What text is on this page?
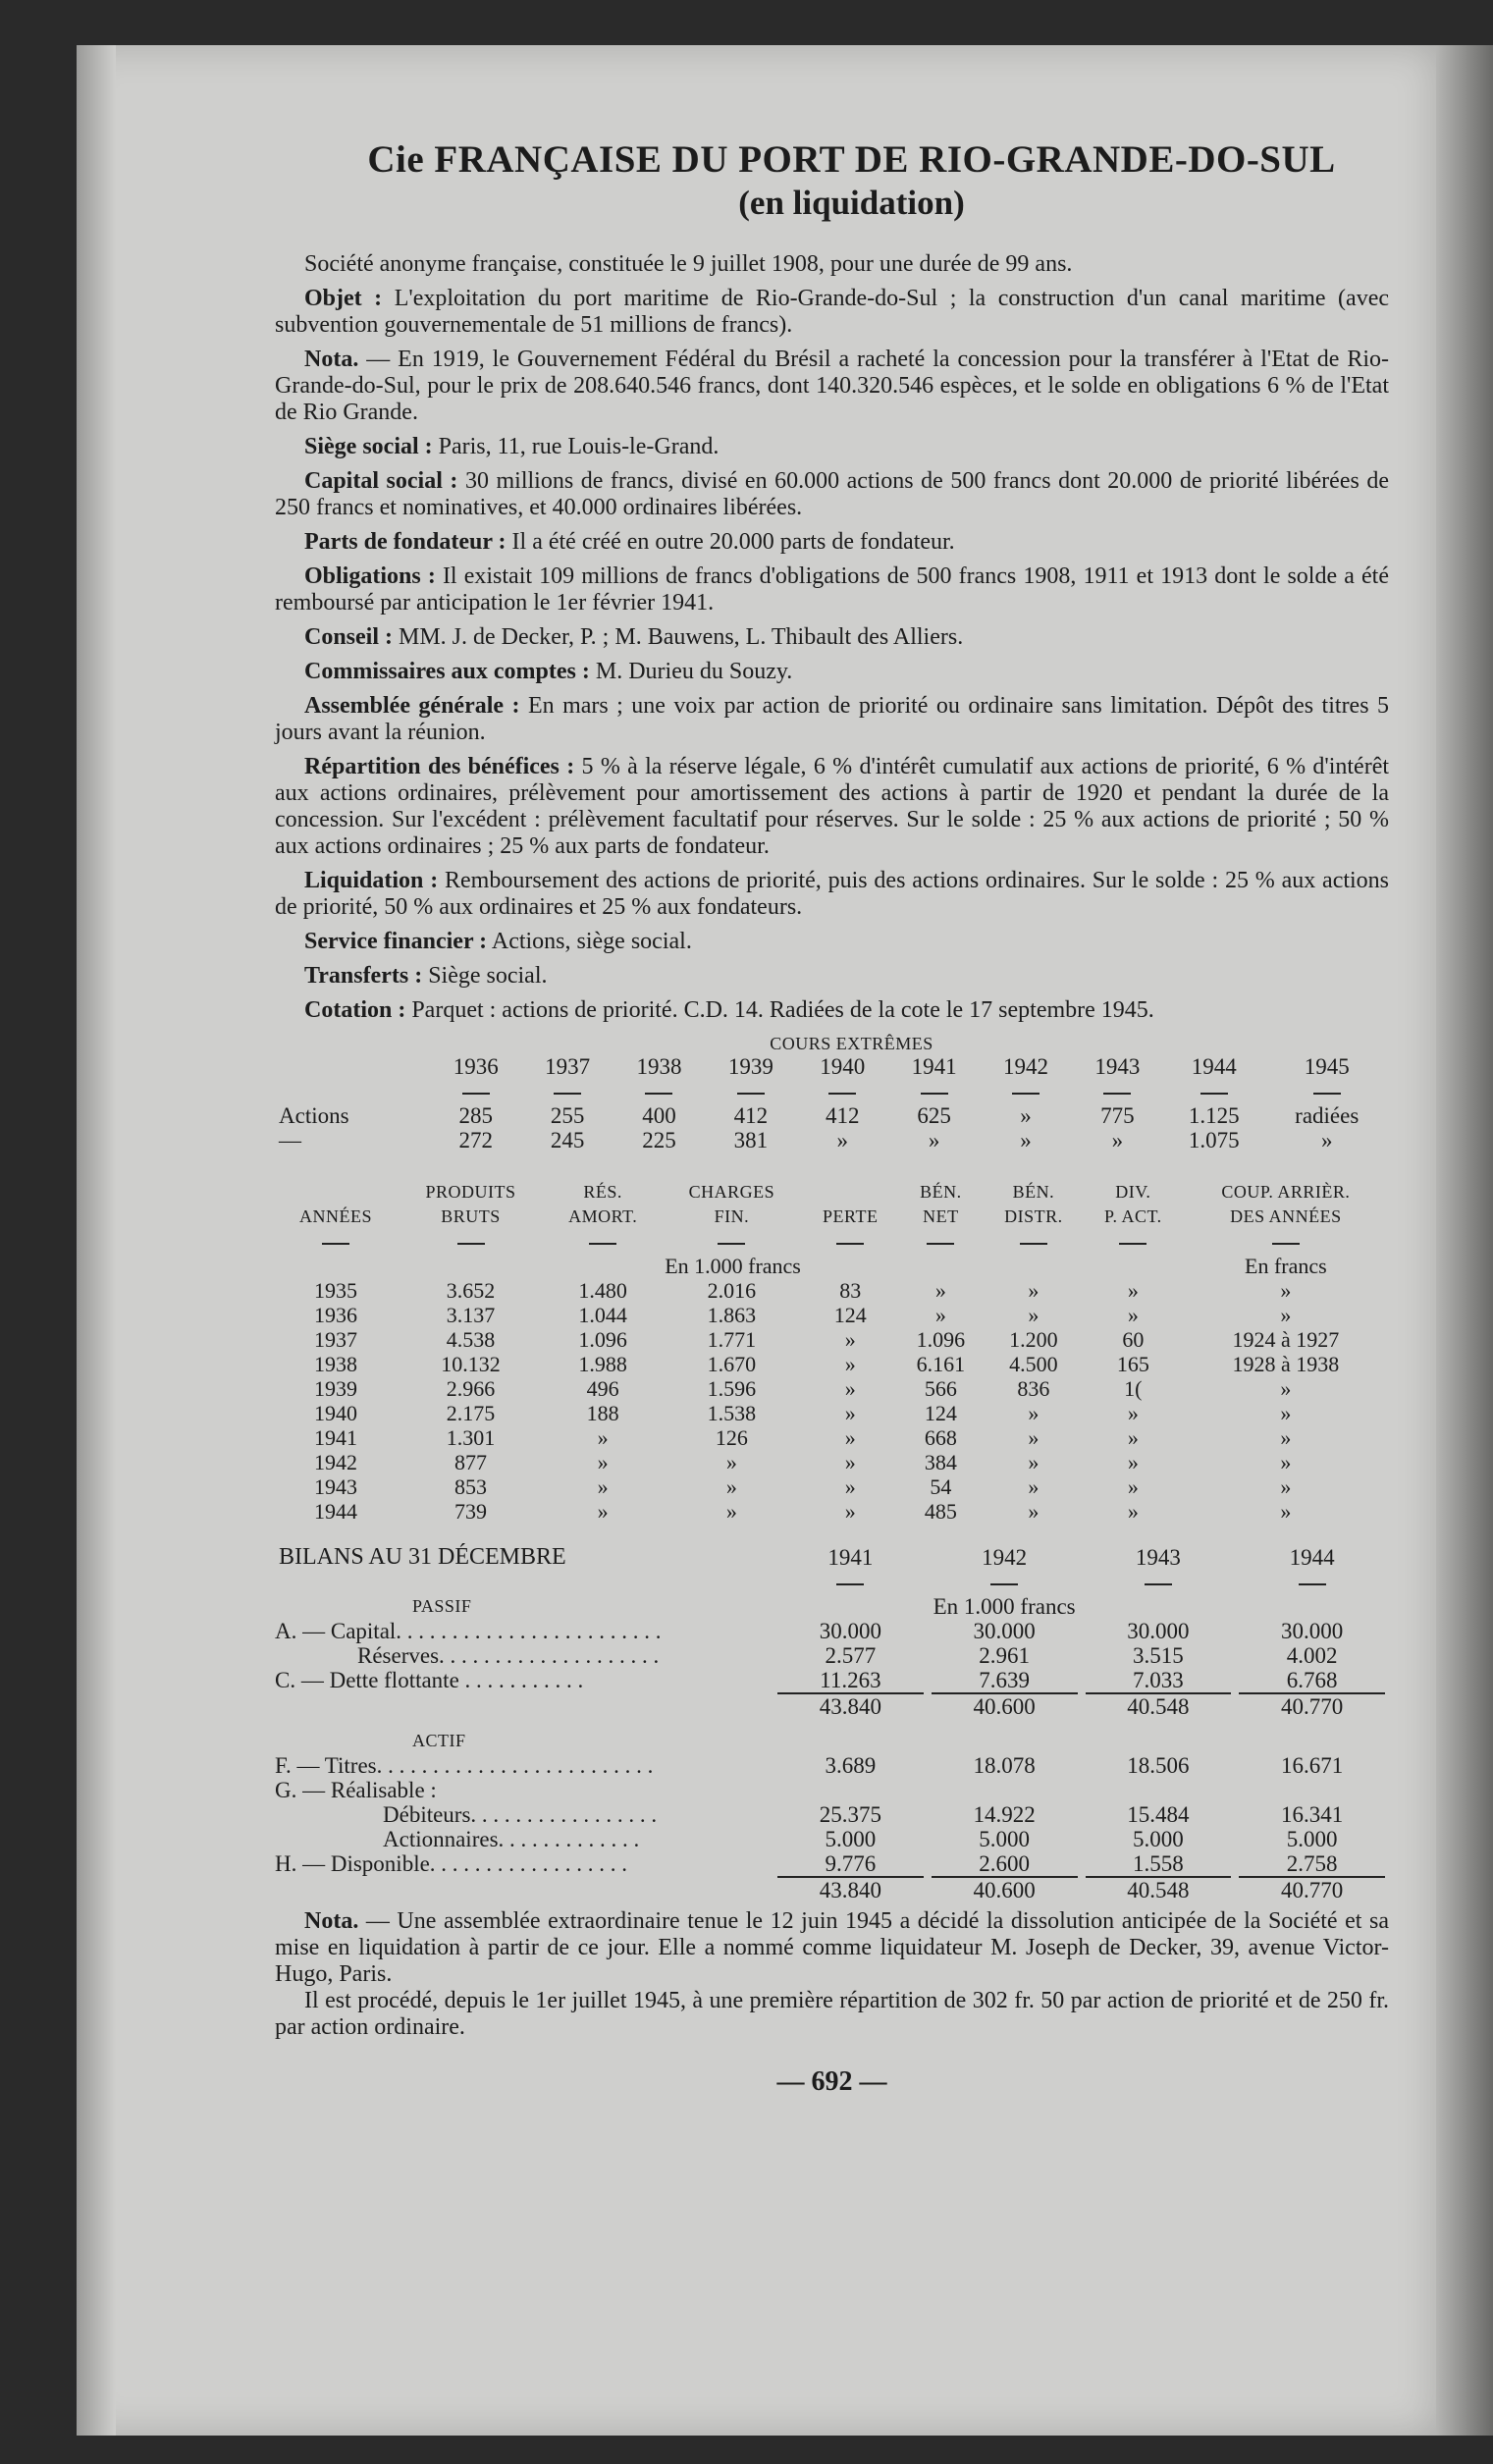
Cie FRANÇAISE DU PORT DE RIO-GRANDE-DO-SUL
(en liquidation)

Société anonyme française, constituée le 9 juillet 1908, pour une durée de 99 ans.

Objet : L'exploitation du port maritime de Rio-Grande-do-Sul ; la construction d'un canal maritime (avec subvention gouvernementale de 51 millions de francs).

Nota. — En 1919, le Gouvernement Fédéral du Brésil a racheté la concession pour la transférer à l'Etat de Rio-Grande-do-Sul, pour le prix de 208.640.546 francs, dont 140.320.546 espèces, et le solde en obligations 6 % de l'Etat de Rio Grande.

Siège social : Paris, 11, rue Louis-le-Grand.

Capital social : 30 millions de francs, divisé en 60.000 actions de 500 francs dont 20.000 de priorité libérées de 250 francs et nominatives, et 40.000 ordinaires libérées.

Parts de fondateur : Il a été créé en outre 20.000 parts de fondateur.

Obligations : Il existait 109 millions de francs d'obligations de 500 francs 1908, 1911 et 1913 dont le solde a été remboursé par anticipation le 1er février 1941.

Conseil : MM. J. de Decker, P. ; M. Bauwens, L. Thibault des Alliers.

Commissaires aux comptes : M. Durieu du Souzy.

Assemblée générale : En mars ; une voix par action de priorité ou ordinaire sans limitation. Dépôt des titres 5 jours avant la réunion.

Répartition des bénéfices : 5 % à la réserve légale, 6 % d'intérêt cumulatif aux actions de priorité, 6 % d'intérêt aux actions ordinaires, prélèvement pour amortissement des actions à partir de 1920 et pendant la durée de la concession. Sur l'excédent : prélèvement facultatif pour réserves. Sur le solde : 25 % aux actions de priorité ; 50 % aux actions ordinaires ; 25 % aux parts de fondateur.

Liquidation : Remboursement des actions de priorité, puis des actions ordinaires. Sur le solde : 25 % aux actions de priorité, 50 % aux ordinaires et 25 % aux fondateurs.

Service financier : Actions, siège social.

Transferts : Siège social.

Cotation : Parquet : actions de priorité. C.D. 14. Radiées de la cote le 17 septembre 1945.

COURS EXTRÊMES
	1936	1937	1938	1939	1940	1941	1942	1943	1944	1945

Actions	285	255	400	412	412	625	»	775	1.125	radiées
—	272	245	225	381	»	»	»	»	1.075	»
	PRODUITS	RÉS.	CHARGES		BÉN.	BÉN.	DIV.	COUP. ARRIÈR.
ANNÉES	BRUTS	AMORT.	FIN.	PERTE	NET	DISTR.	P. ACT.	DES ANNÉES

			En 1.000 francs					En francs
1935	3.652	1.480	2.016	83	»	»	»	»
1936	3.137	1.044	1.863	124	»	»	»	»
1937	4.538	1.096	1.771	»	1.096	1.200	60	1924 à 1927
1938	10.132	1.988	1.670	»	6.161	4.500	165	1928 à 1938
1939	2.966	496	1.596	»	566	836	1(	»
1940	2.175	188	1.538	»	124	»	»	»
1941	1.301	»	126	»	668	»	»	»
1942	877	»	»	»	384	»	»	»
1943	853	»	»	»	54	»	»	»
1944	739	»	»	»	485	»	»	»
BILANS AU 31 DÉCEMBRE	1941	1942	1943	1944

PASSIF	En 1.000 francs			
A. — Capital. . . . . . . . . . . . . . . . . . . . . . . .	30.000	30.000	30.000	30.000
Réserves. . . . . . . . . . . . . . . . . . . .	2.577	2.961	3.515	4.002
C. — Dette flottante . . . . . . . . . . .	11.263	7.639	7.033	6.768

	43.840	40.600	40.548	40.770
ACTIF				
F. — Titres. . . . . . . . . . . . . . . . . . . . . . . . .	3.689	18.078	18.506	16.671
G. — Réalisable :				
Débiteurs. . . . . . . . . . . . . . . . .	25.375	14.922	15.484	16.341
Actionnaires. . . . . . . . . . . . .	5.000	5.000	5.000	5.000
H. — Disponible. . . . . . . . . . . . . . . . . .	9.776	2.600	1.558	2.758

	43.840	40.600	40.548	40.770

Nota. — Une assemblée extraordinaire tenue le 12 juin 1945 a décidé la dissolution anticipée de la Société et sa mise en liquidation à partir de ce jour. Elle a nommé comme liquidateur M. Joseph de Decker, 39, avenue Victor-Hugo, Paris.

Il est procédé, depuis le 1er juillet 1945, à une première répartition de 302 fr. 50 par action de priorité et de 250 fr. par action ordinaire.

— 692 —
